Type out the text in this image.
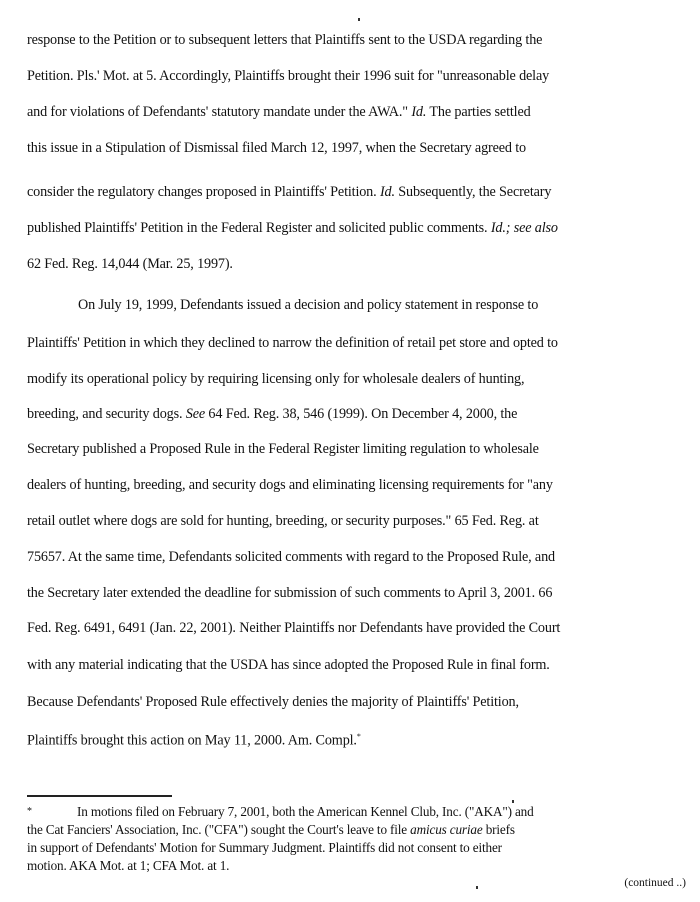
response to the Petition or to subsequent letters that Plaintiffs sent to the USDA regarding the
Petition. Pls.' Mot. at 5. Accordingly, Plaintiffs brought their 1996 suit for "unreasonable delay
and for violations of Defendants' statutory mandate under the AWA." Id. The parties settled
this issue in a Stipulation of Dismissal filed March 12, 1997, when the Secretary agreed to
consider the regulatory changes proposed in Plaintiffs' Petition. Id. Subsequently, the Secretary
published Plaintiffs' Petition in the Federal Register and solicited public comments. Id.; see also
62 Fed. Reg. 14,044 (Mar. 25, 1997).
On July 19, 1999, Defendants issued a decision and policy statement in response to
Plaintiffs' Petition in which they declined to narrow the definition of retail pet store and opted to
modify its operational policy by requiring licensing only for wholesale dealers of hunting,
breeding, and security dogs. See 64 Fed. Reg. 38, 546 (1999). On December 4, 2000, the
Secretary published a Proposed Rule in the Federal Register limiting regulation to wholesale
dealers of hunting, breeding, and security dogs and eliminating licensing requirements for "any
retail outlet where dogs are sold for hunting, breeding, or security purposes." 65 Fed. Reg. at
75657. At the same time, Defendants solicited comments with regard to the Proposed Rule, and
the Secretary later extended the deadline for submission of such comments to April 3, 2001. 66
Fed. Reg. 6491, 6491 (Jan. 22, 2001). Neither Plaintiffs nor Defendants have provided the Court
with any material indicating that the USDA has since adopted the Proposed Rule in final form.
Because Defendants' Proposed Rule effectively denies the majority of Plaintiffs' Petition,
Plaintiffs brought this action on May 11, 2000. Am. Compl.*
*	In motions filed on February 7, 2001, both the American Kennel Club, Inc. ("AKA") and
the Cat Fanciers' Association, Inc. ("CFA") sought the Court's leave to file amicus curiae briefs
in support of Defendants' Motion for Summary Judgment. Plaintiffs did not consent to either
motion. AKA Mot. at 1; CFA Mot. at 1.
(continued ..)
